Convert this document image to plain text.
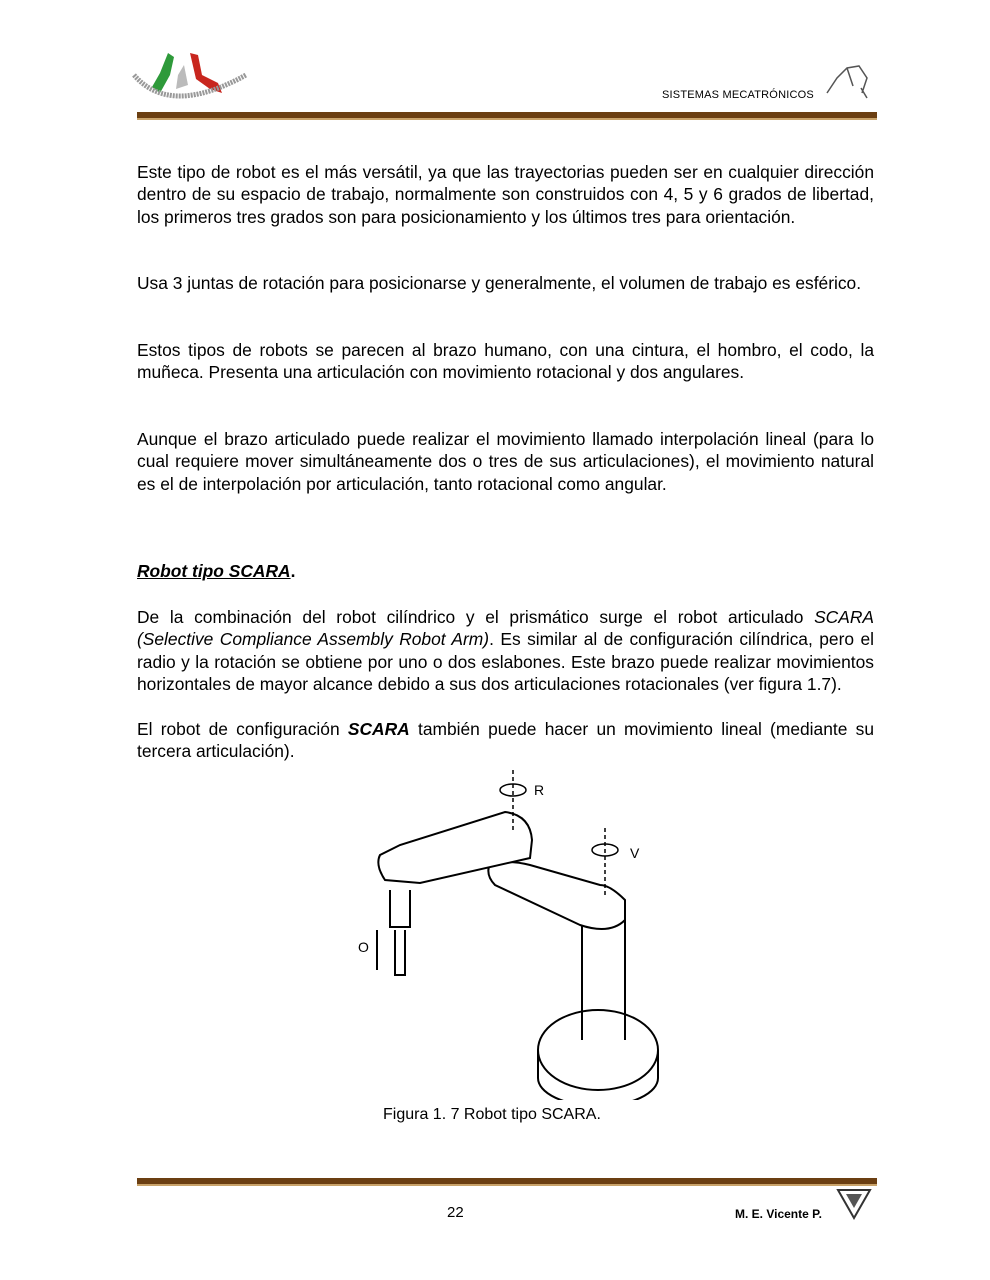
SISTEMAS MECATRÓNICOS
Este tipo de robot es el más versátil, ya que las trayectorias pueden ser en cualquier dirección dentro de su espacio de trabajo, normalmente son construidos con 4, 5 y 6 grados de libertad, los primeros tres grados son para posicionamiento y los últimos tres para orientación.
Usa 3 juntas de rotación para posicionarse y generalmente, el volumen de trabajo es esférico.
Estos tipos de robots se parecen al brazo humano, con una cintura, el hombro, el codo, la muñeca. Presenta una articulación con movimiento rotacional y dos angulares.
Aunque el brazo articulado puede realizar el movimiento llamado interpolación lineal (para lo cual requiere mover simultáneamente dos o tres de sus articulaciones), el movimiento natural es el de interpolación por articulación, tanto rotacional como angular.
Robot tipo SCARA.
De la combinación del robot cilíndrico y el prismático surge el robot articulado SCARA (Selective Compliance Assembly Robot Arm). Es similar al de configuración cilíndrica, pero el radio y la rotación se obtiene por uno o dos eslabones. Este brazo puede realizar movimientos horizontales de mayor alcance debido a sus dos articulaciones rotacionales (ver figura 1.7).
El robot de configuración SCARA también puede hacer un movimiento lineal (mediante su tercera articulación).
R
V
O
Figura 1. 7 Robot tipo SCARA.
22	M. E. Vicente P.
